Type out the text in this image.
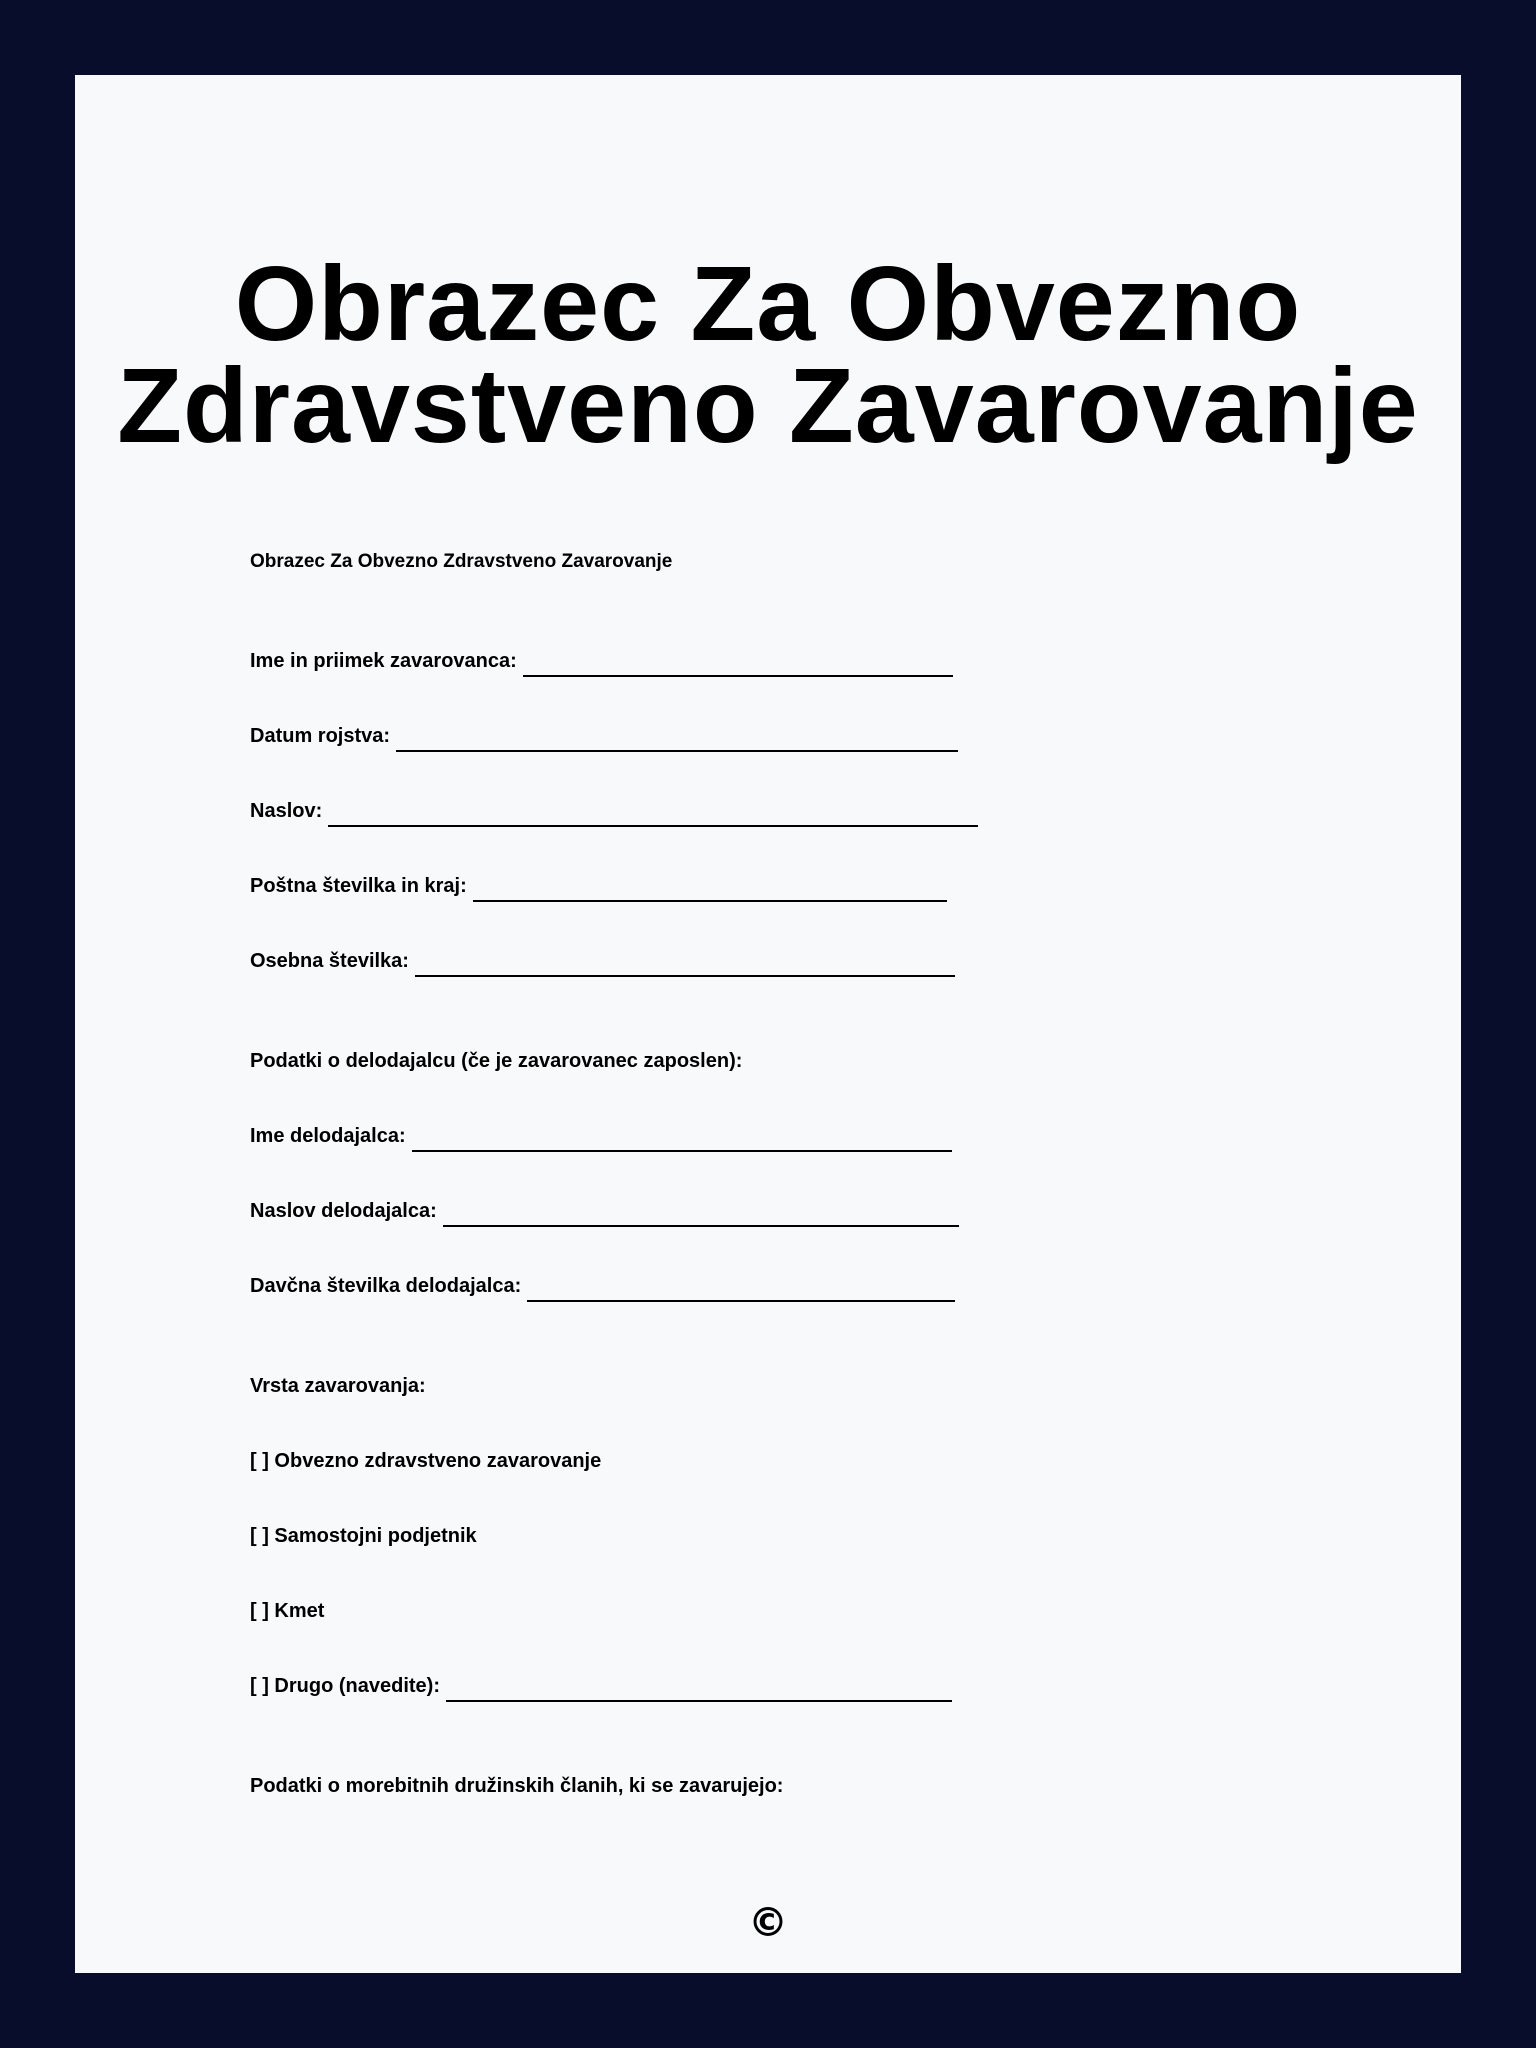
Obrazec Za Obvezno
Zdravstveno Zavarovanje
Obrazec Za Obvezno Zdravstveno Zavarovanje
Ime in priimek zavarovanca:
Datum rojstva:
Naslov:
Poštna številka in kraj:
Osebna številka:
Podatki o delodajalcu (če je zavarovanec zaposlen):
Ime delodajalca:
Naslov delodajalca:
Davčna številka delodajalca:
Vrsta zavarovanja:
[ ] Obvezno zdravstveno zavarovanje
[ ] Samostojni podjetnik
[ ] Kmet
[ ] Drugo (navedite):
Podatki o morebitnih družinskih članih, ki se zavarujejo:
©
